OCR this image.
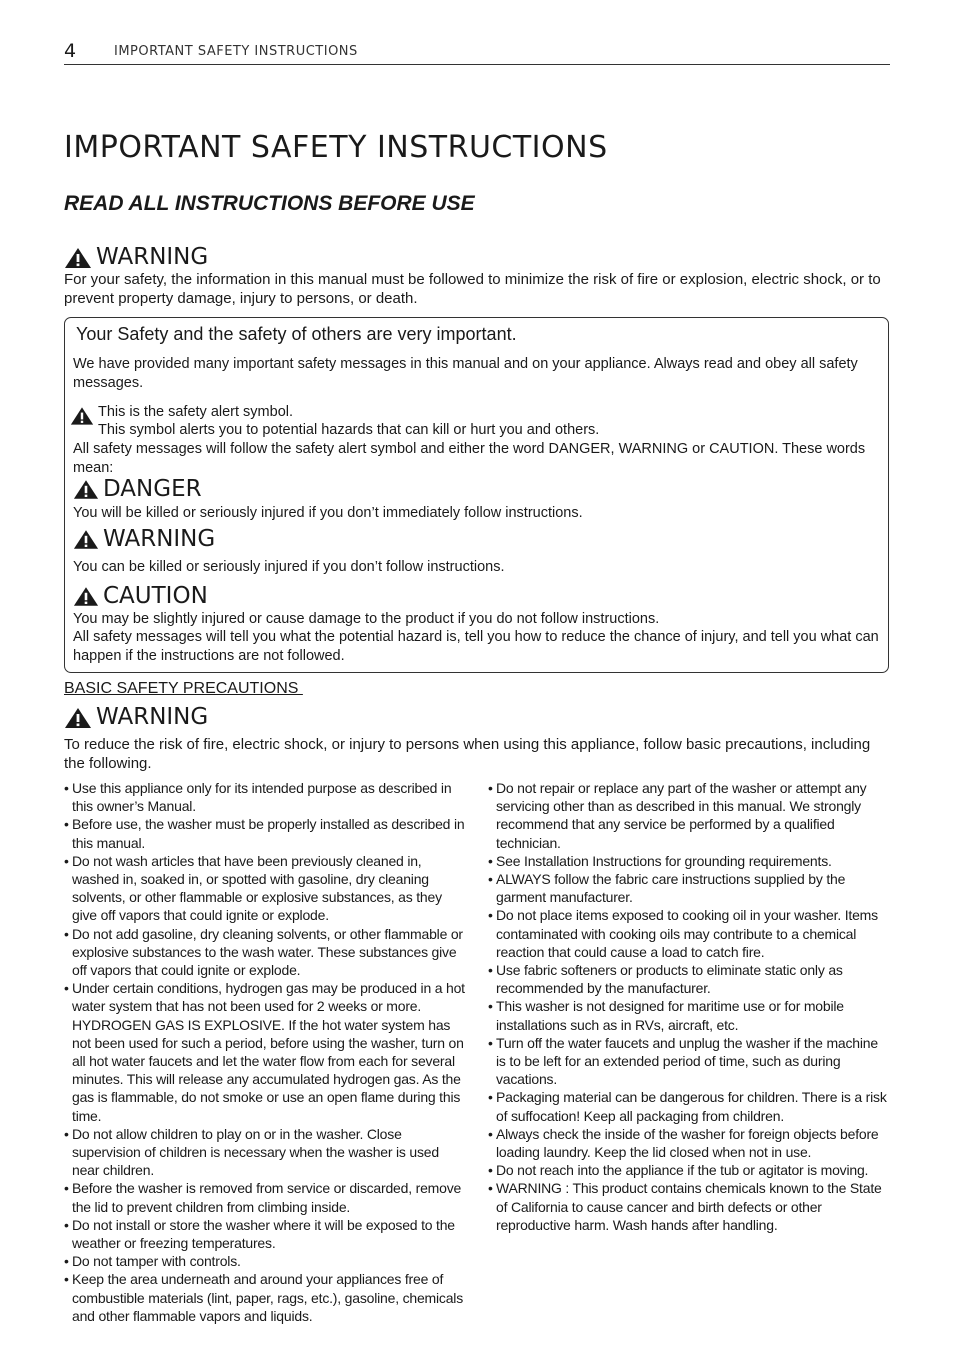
4	IMPORTANT SAFETY INSTRUCTIONS
IMPORTANT SAFETY INSTRUCTIONS
READ ALL INSTRUCTIONS BEFORE USE
WARNING

For your safety, the information in this manual must be followed to minimize the risk of fire or explosion, electric shock, or to prevent property damage, injury to persons, or death.

Your Safety and the safety of others are very important.

We have provided many important safety messages in this manual and on your appliance. Always read and obey all safety messages.

This is the safety alert symbol.

This symbol alerts you to potential hazards that can kill or hurt you and others.

All safety messages will follow the safety alert symbol and either the word DANGER, WARNING or CAUTION. These words mean:

DANGER

You will be killed or seriously injured if you don’t immediately follow instructions.

WARNING

You can be killed or seriously injured if you don’t follow instructions.

CAUTION

You may be slightly injured or cause damage to the product if you do not follow instructions.

All safety messages will tell you what the potential hazard is, tell you how to reduce the chance of injury, and tell you what can happen if the instructions are not followed.

BASIC SAFETY PRECAUTIONS
WARNING

To reduce the risk of fire, electric shock, or injury to persons when using this appliance, follow basic precautions, including the following.

• Use this appliance only for its intended purpose as described in this owner’s Manual.
• Before use, the washer must be properly installed as described in this manual.
• Do not wash articles that have been previously cleaned in, washed in, soaked in, or spotted with gasoline, dry cleaning solvents, or other flammable or explosive substances, as they give off vapors that could ignite or explode.
• Do not add gasoline, dry cleaning solvents, or other flammable or explosive substances to the wash water. These substances give off vapors that could ignite or explode.
• Under certain conditions, hydrogen gas may be produced in a hot water system that has not been used for 2 weeks or more. HYDROGEN GAS IS EXPLOSIVE. If the hot water system has not been used for such a period, before using the washer, turn on all hot water faucets and let the water flow from each for several minutes. This will release any accumulated hydrogen gas. As the gas is flammable, do not smoke or use an open flame during this time.
• Do not allow children to play on or in the washer. Close supervision of children is necessary when the washer is used near children.
• Before the washer is removed from service or discarded, remove the lid to prevent children from climbing inside.
• Do not install or store the washer where it will be exposed to the weather or freezing temperatures.
• Do not tamper with controls.
• Keep the area underneath and around your appliances free of combustible materials (lint, paper, rags, etc.), gasoline, chemicals and other flammable vapors and liquids.
• Do not repair or replace any part of the washer or attempt any servicing other than as described in this manual. We strongly recommend that any service be performed by a qualified technician.
• See Installation Instructions for grounding requirements.
• ALWAYS follow the fabric care instructions supplied by the garment manufacturer.
• Do not place items exposed to cooking oil in your washer. Items contaminated with cooking oils may contribute to a chemical reaction that could cause a load to catch fire.
• Use fabric softeners or products to eliminate static only as recommended by the manufacturer.
• This washer is not designed for maritime use or for mobile installations such as in RVs, aircraft, etc.
• Turn off the water faucets and unplug the washer if the machine is to be left for an extended period of time, such as during vacations.
• Packaging material can be dangerous for children. There is a risk of suffocation! Keep all packaging from children.
• Always check the inside of the washer for foreign objects before loading laundry. Keep the lid closed when not in use.
• Do not reach into the appliance if the tub or agitator is moving.
• WARNING : This product contains chemicals known to the State of California to cause cancer and birth defects or other reproductive harm. Wash hands after handling.
